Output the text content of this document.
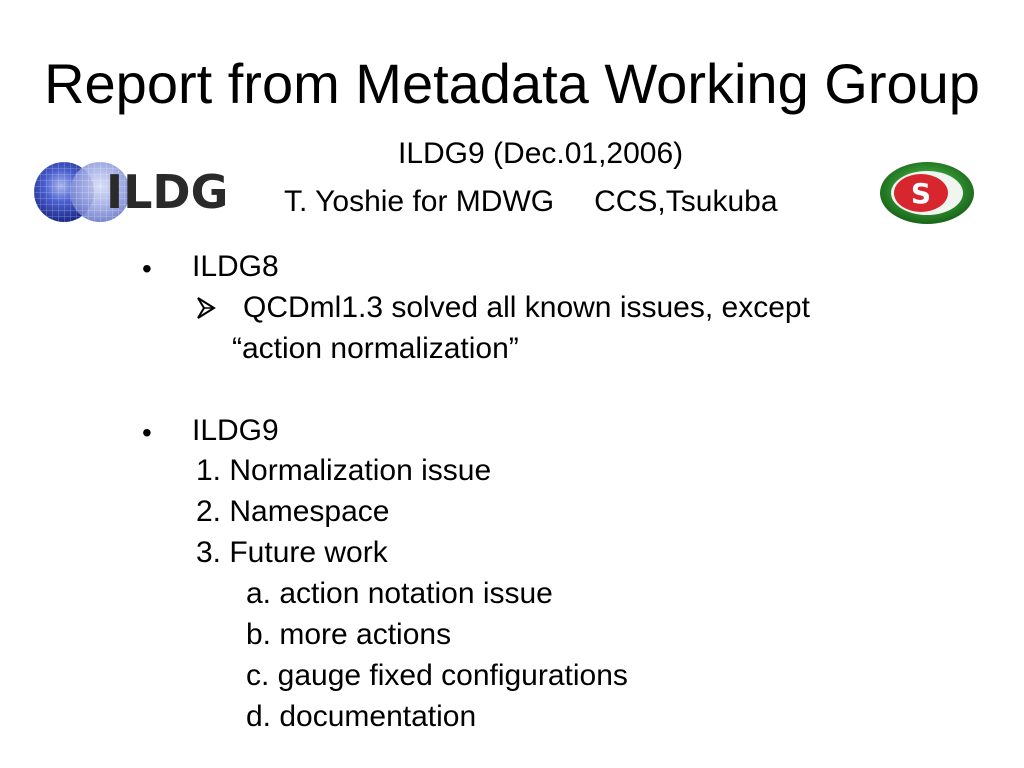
Report from Metadata Working Group
ILDG
ILDG9 (Dec.01,2006)
T. Yoshie for MDWG CCS,Tsukuba	S
• ILDG8
QCDml1.3 solved all known issues, except
“action normalization”
• ILDG9
1. Normalization issue
2. Namespace
3. Future work
a. action notation issue
b. more actions
c. gauge fixed configurations
d. documentation
